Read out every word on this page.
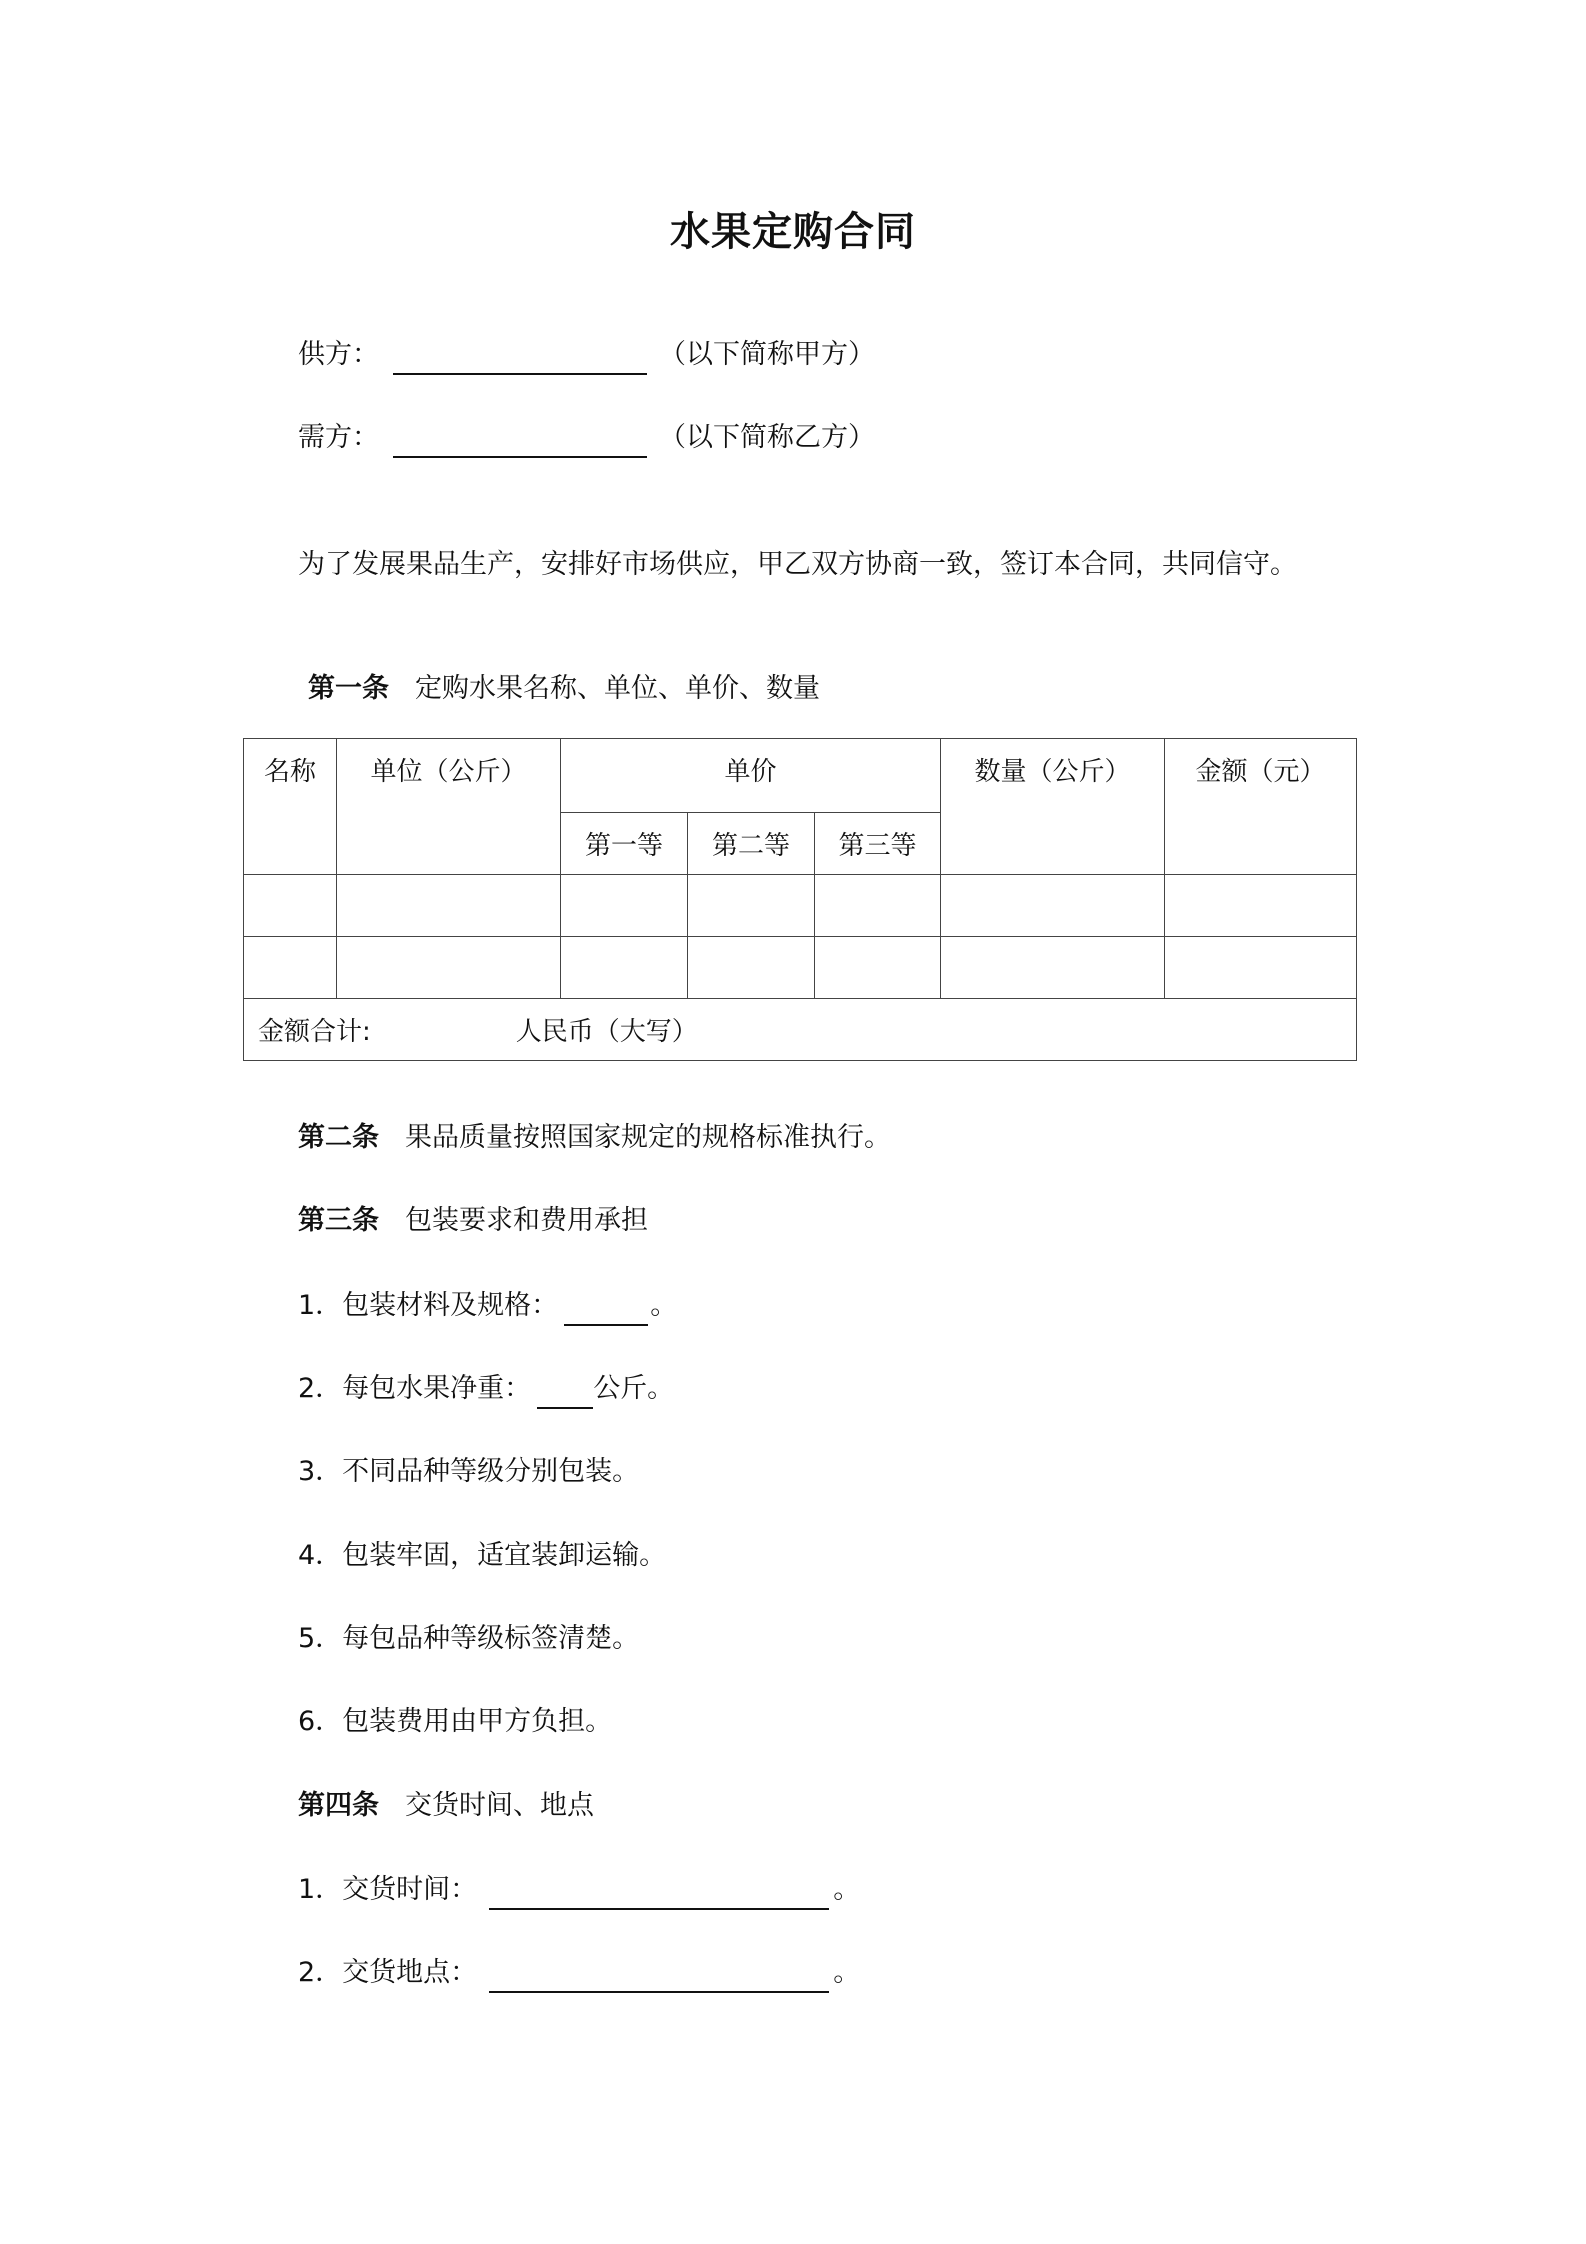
水果定购合同
供方：	（以下简称甲方）
需方：	（以下简称乙方）
为了发展果品生产，安排好市场供应，甲乙双方协商一致，签订本合同，共同信守。
第一条 定购水果名称、单位、单价、数量
名称	单位（公斤）	单价			数量（公斤）	金额（元）
		第一等	第二等	第三等		

金额合计: 人民币（大写）						
第二条 果品质量按照国家规定的规格标准执行。
第三条 包装要求和费用承担
1．包装材料及规格：	。
2．每包水果净重： 公斤。
3．不同品种等级分别包装。
4．包装牢固，适宜装卸运输。
5．每包品种等级标签清楚。
6．包装费用由甲方负担。
第四条 交货时间、地点
1．交货时间：	。
2．交货地点：	。
